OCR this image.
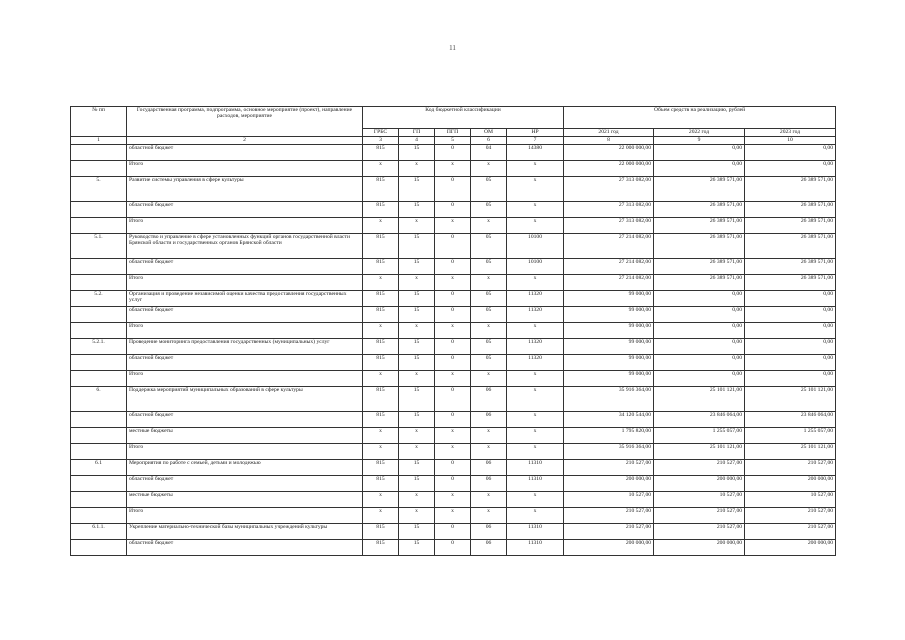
11
№ пп	Государственная программа, подпрограмма, основное мероприятие (проект), направление расходов, мероприятие	Код бюджетной классификации					Объем средств на реализацию, рублей		
		ГРБС	ГП	ПГП	ОМ	НР	2021 год	2022 год	2023 год
1	2	3	4	5	6	7	8	9	10
	областной бюджет	815	15	0	04	14380	22 000 000,00	0,00	0,00
	Итого	х	х	х	х	х	22 000 000,00	0,00	0,00
5.	Развитие системы управления в сфере культуры	815	15	0	05	х	27 313 082,00	26 389 571,00	26 389 571,00
	областной бюджет	815	15	0	05	х	27 313 082,00	26 389 571,00	26 389 571,00
	Итого	х	х	х	х	х	27 313 082,00	26 389 571,00	26 389 571,00
5.1.	Руководство и управление в сфере установленных функций органов государственной власти Брянской области и государственных органов Брянской области	815	15	0	05	10100	27 214 082,00	26 389 571,00	26 389 571,00
	областной бюджет	815	15	0	05	10100	27 214 082,00	26 389 571,00	26 389 571,00
	Итого	х	х	х	х	х	27 214 082,00	26 389 571,00	26 389 571,00
5.2.	Организация и проведение независимой оценки качества предоставления государственных услуг	815	15	0	05	11320	99 000,00	0,00	0,00
	областной бюджет	815	15	0	05	11320	99 000,00	0,00	0,00
	Итого	х	х	х	х	х	99 000,00	0,00	0,00
5.2.1.	Проведение мониторинга предоставления государственных (муниципальных) услуг	815	15	0	05	11320	99 000,00	0,00	0,00
	областной бюджет	815	15	0	05	11320	99 000,00	0,00	0,00
	Итого	х	х	х	х	х	99 000,00	0,00	0,00
6.	Поддержка мероприятий муниципальных образований в сфере культуры	815	15	0	06	х	35 916 364,00	25 101 121,00	25 101 121,00
	областной бюджет	815	15	0	06	х	34 120 544,00	23 846 064,00	23 846 064,00
	местные бюджеты	х	х	х	х	х	1 795 820,00	1 255 057,00	1 255 057,00
	Итого	х	х	х	х	х	35 916 364,00	25 101 121,00	25 101 121,00
6.1	Мероприятия по работе с семьей, детьми и молодежью	815	15	0	06	11310	210 527,00	210 527,00	210 527,00
	областной бюджет	815	15	0	06	11310	200 000,00	200 000,00	200 000,00
	местные бюджеты	х	х	х	х	х	10 527,00	10 527,00	10 527,00
	Итого	х	х	х	х	х	210 527,00	210 527,00	210 527,00
6.1.1.	Укрепление материально-технической базы муниципальных учреждений культуры	815	15	0	06	11310	210 527,00	210 527,00	210 527,00
	областной бюджет	815	15	0	06	11310	200 000,00	200 000,00	200 000,00
